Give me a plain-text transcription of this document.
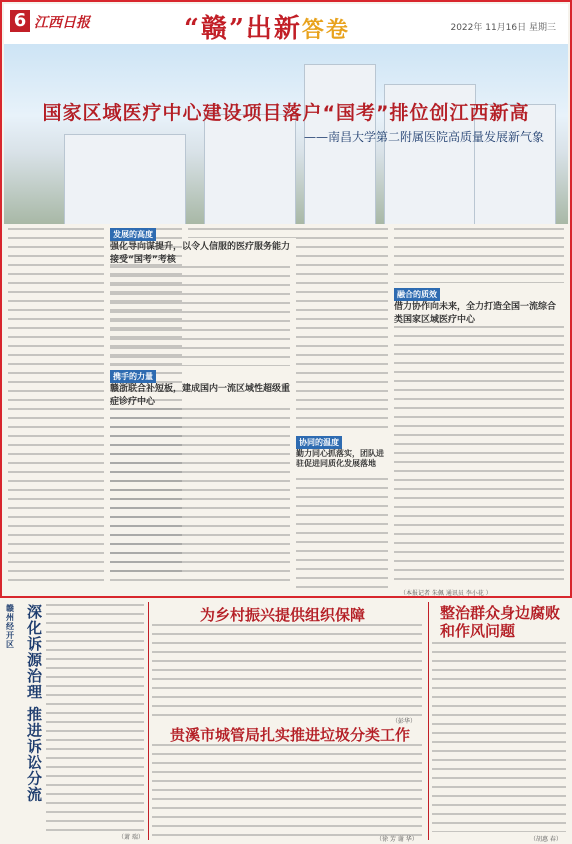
6 江西日报	“赣”出新答卷	2022年 11月16日 星期三
国家区域医疗中心建设项目落户“国考”排位创江西新高
——南昌大学第二附属医院高质量发展新气象
发展的高度
强化导向谋提升，以令人信服的医疗服务能力接受“国考”考核
携手的力量
赣浙联合补短板，建成国内一流区域性超级重症诊疗中心
协同的温度
勤力同心抓落实，团队进驻促进同质化发展落地
融合的质效
借力协作向未来，全力打造全国一流综合类国家区域医疗中心
（本报记者 朱佩 通讯员 李小花 ）
赣州经开区 深化诉源治理 推进诉讼分流
（萧 瑞）
为乡村振兴提供组织保障
（彭华）
贵溪市城管局扎实推进垃圾分类工作
（徐 芳 谢 华）
整治群众身边腐败和作风问题
（胡惠 春）
